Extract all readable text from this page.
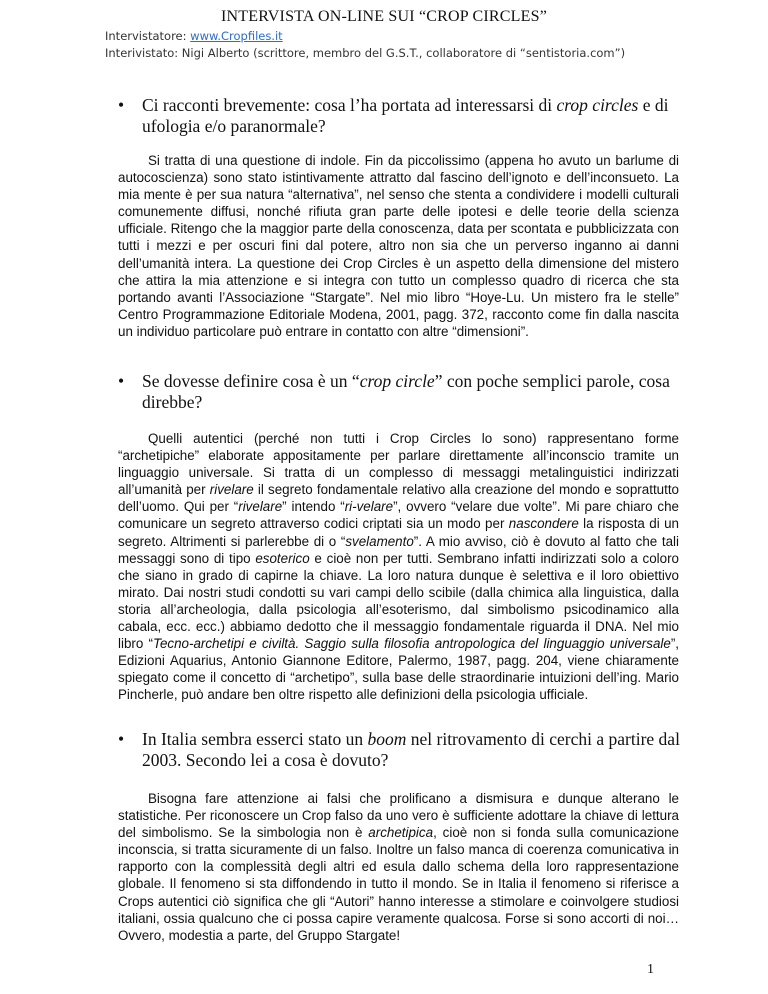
INTERVISTA ON-LINE SUI “CROP CIRCLES”
Intervistatore: www.Cropfiles.it
Interivistato: Nigi Alberto (scrittore, membro del G.S.T., collaboratore di “sentistoria.com”)
• Ci racconti brevemente: cosa l’ha portata ad interessarsi di crop circles e di ufologia e/o paranormale?
Si tratta di una questione di indole. Fin da piccolissimo (appena ho avuto un barlume di autocoscienza) sono stato istintivamente attratto dal fascino dell’ignoto e dell’inconsueto. La mia mente è per sua natura “alternativa”, nel senso che stenta a condividere i modelli culturali comunemente diffusi, nonché rifiuta gran parte delle ipotesi e delle teorie della scienza ufficiale. Ritengo che la maggior parte della conoscenza, data per scontata e pubblicizzata con tutti i mezzi e per oscuri fini dal potere, altro non sia che un perverso inganno ai danni dell’umanità intera. La questione dei Crop Circles è un aspetto della dimensione del mistero che attira la mia attenzione e si integra con tutto un complesso quadro di ricerca che sta portando avanti l’Associazione “Stargate”. Nel mio libro “Hoye-Lu. Un mistero fra le stelle” Centro Programmazione Editoriale Modena, 2001, pagg. 372, racconto come fin dalla nascita un individuo particolare può entrare in contatto con altre “dimensioni”.
• Se dovesse definire cosa è un “crop circle” con poche semplici parole, cosa direbbe?
Quelli autentici (perché non tutti i Crop Circles lo sono) rappresentano forme “archetipiche” elaborate appositamente per parlare direttamente all’inconscio tramite un linguaggio universale. Si tratta di un complesso di messaggi metalinguistici indirizzati all’umanità per rivelare il segreto fondamentale relativo alla creazione del mondo e soprattutto dell’uomo. Qui per “rivelare” intendo “ri-velare”, ovvero “velare due volte”. Mi pare chiaro che comunicare un segreto attraverso codici criptati sia un modo per nascondere la risposta di un segreto. Altrimenti si parlerebbe di o “svelamento”. A mio avviso, ciò è dovuto al fatto che tali messaggi sono di tipo esoterico e cioè non per tutti. Sembrano infatti indirizzati solo a coloro che siano in grado di capirne la chiave. La loro natura dunque è selettiva e il loro obiettivo mirato. Dai nostri studi condotti su vari campi dello scibile (dalla chimica alla linguistica, dalla storia all’archeologia, dalla psicologia all’esoterismo, dal simbolismo psicodinamico alla cabala, ecc. ecc.) abbiamo dedotto che il messaggio fondamentale riguarda il DNA. Nel mio libro “Tecno-archetipi e civiltà. Saggio sulla filosofia antropologica del linguaggio universale”, Edizioni Aquarius, Antonio Giannone Editore, Palermo, 1987, pagg. 204, viene chiaramente spiegato come il concetto di “archetipo”, sulla base delle straordinarie intuizioni dell’ing. Mario Pincherle, può andare ben oltre rispetto alle definizioni della psicologia ufficiale.
• In Italia sembra esserci stato un boom nel ritrovamento di cerchi a partire dal 2003. Secondo lei a cosa è dovuto?
Bisogna fare attenzione ai falsi che prolificano a dismisura e dunque alterano le statistiche. Per riconoscere un Crop falso da uno vero è sufficiente adottare la chiave di lettura del simbolismo. Se la simbologia non è archetipica, cioè non si fonda sulla comunicazione inconscia, si tratta sicuramente di un falso. Inoltre un falso manca di coerenza comunicativa in rapporto con la complessità degli altri ed esula dallo schema della loro rappresentazione globale. Il fenomeno si sta diffondendo in tutto il mondo. Se in Italia il fenomeno si riferisce a Crops autentici ciò significa che gli “Autori” hanno interesse a stimolare e coinvolgere studiosi italiani, ossia qualcuno che ci possa capire veramente qualcosa. Forse si sono accorti di noi… Ovvero, modestia a parte, del Gruppo Stargate!
1
